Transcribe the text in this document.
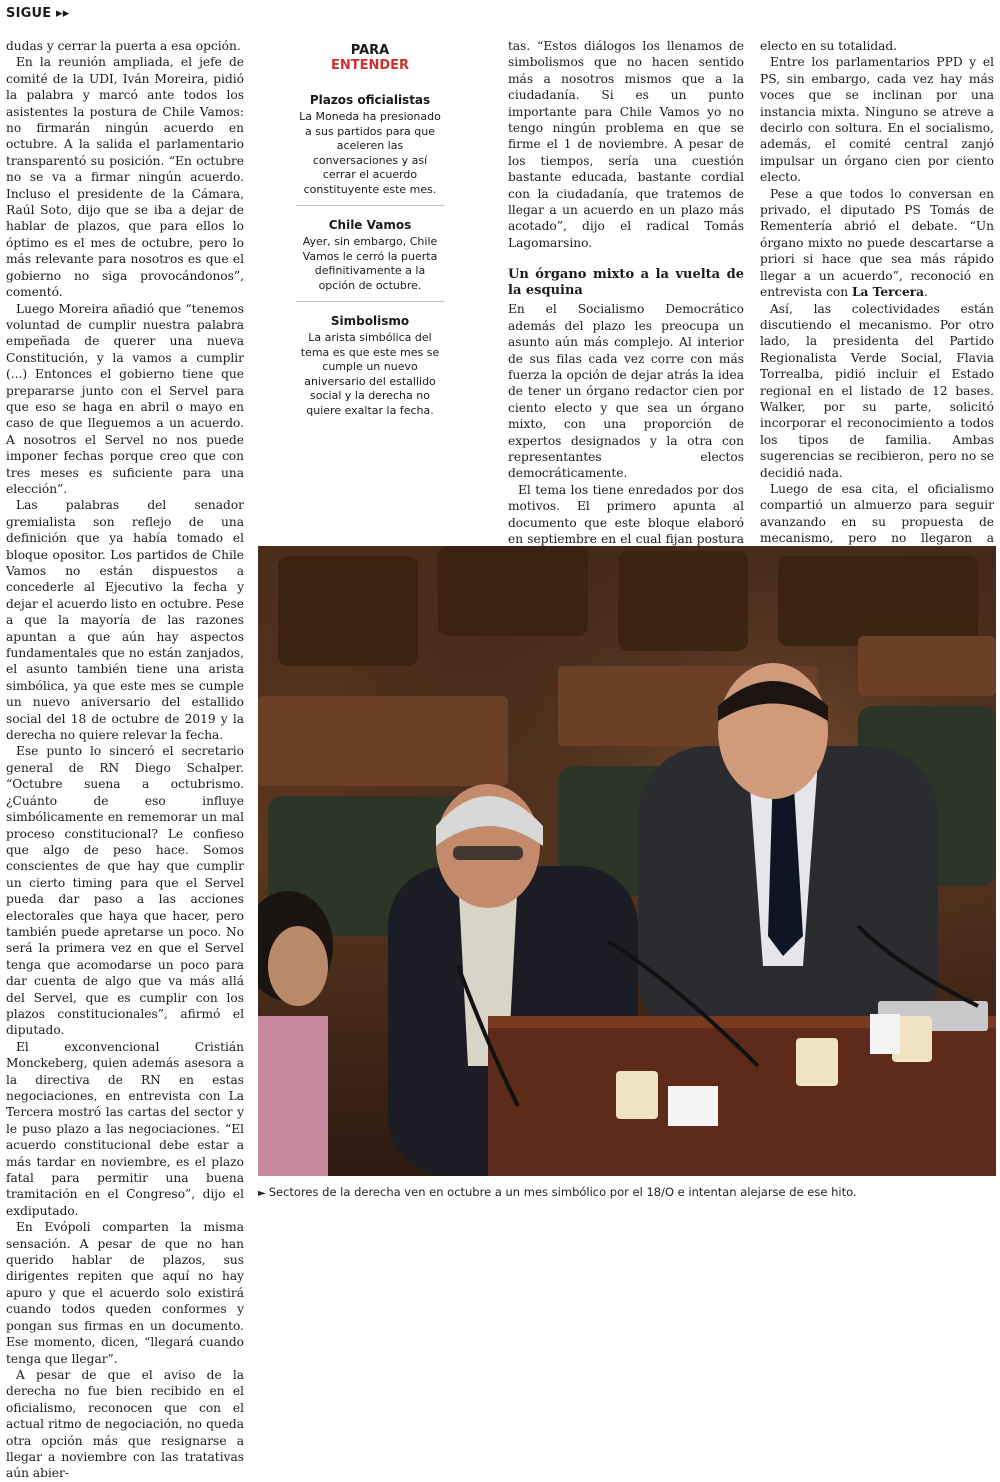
SIGUE ▸▸

dudas y cerrar la puerta a esa opción.

En la reunión ampliada, el jefe de comité de la UDI, Iván Moreira, pidió la palabra y marcó ante todos los asistentes la postura de Chile Vamos: no firmarán ningún acuerdo en octubre. A la salida el parlamentario transparentó su posición. “En octubre no se va a firmar ningún acuerdo. Incluso el presidente de la Cámara, Raúl Soto, dijo que se iba a dejar de hablar de plazos, que para ellos lo óptimo es el mes de octubre, pero lo más relevante para nosotros es que el gobierno no siga provocándonos”, comentó.

Luego Moreira añadió que “tenemos voluntad de cumplir nuestra palabra empeñada de querer una nueva Constitución, y la vamos a cumplir (...) Entonces el gobierno tiene que prepararse junto con el Servel para que eso se haga en abril o mayo en caso de que lleguemos a un acuerdo. A nosotros el Servel no nos puede imponer fechas porque creo que con tres meses es suficiente para una elección”.

Las palabras del senador gremialista son reflejo de una definición que ya había tomado el bloque opositor. Los partidos de Chile Vamos no están dispuestos a concederle al Ejecutivo la fecha y dejar el acuerdo listo en octubre. Pese a que la mayoría de las razones apuntan a que aún hay aspectos fundamentales que no están zanjados, el asunto también tiene una arista simbólica, ya que este mes se cumple un nuevo aniversario del estallido social del 18 de octubre de 2019 y la derecha no quiere relevar la fecha.

Ese punto lo sinceró el secretario general de RN Diego Schalper. “Octubre suena a octubrismo. ¿Cuánto de eso influye simbólicamente en rememorar un mal proceso constitucional? Le confieso que algo de peso hace. Somos conscientes de que hay que cumplir un cierto timing para que el Servel pueda dar paso a las acciones electorales que haya que hacer, pero también puede apretarse un poco. No será la primera vez en que el Servel tenga que acomodarse un poco para dar cuenta de algo que va más allá del Servel, que es cumplir con los plazos constitucionales”, afirmó el diputado.

El exconvencional Cristián Monckeberg, quien además asesora a la directiva de RN en estas negociaciones, en entrevista con La Tercera mostró las cartas del sector y le puso plazo a las negociaciones. “El acuerdo constitucional debe estar a más tardar en noviembre, es el plazo fatal para permitir una buena tramitación en el Congreso”, dijo el exdiputado.

En Evópoli comparten la misma sensación. A pesar de que no han querido hablar de plazos, sus dirigentes repiten que aquí no hay apuro y que el acuerdo solo existirá cuando todos queden conformes y pongan sus firmas en un documento. Ese momento, dicen, “llegará cuando tenga que llegar”.

A pesar de que el aviso de la derecha no fue bien recibido en el oficialismo, reconocen que con el actual ritmo de negociación, no queda otra opción más que resignarse a llegar a noviembre con las tratativas aún abier-

PARA
ENTENDER
Plazos oficialistas
La Moneda ha presionado a sus partidos para que aceleren las conversaciones y así cerrar el acuerdo constituyente este mes.
Chile Vamos
Ayer, sin embargo, Chile Vamos le cerró la puerta definitivamente a la opción de octubre.
Simbolismo
La arista simbólica del tema es que este mes se cumple un nuevo aniversario del estallido social y la derecha no quiere exaltar la fecha.

tas. “Estos diálogos los llenamos de simbolismos que no hacen sentido más a nosotros mismos que a la ciudadanía. Si es un punto importante para Chile Vamos yo no tengo ningún problema en que se firme el 1 de noviembre. A pesar de los tiempos, sería una cuestión bastante educada, bastante cordial con la ciudadanía, que tratemos de llegar a un acuerdo en un plazo más acotado”, dijo el radical Tomás Lagomarsino.

Un órgano mixto a la vuelta de la esquina

En el Socialismo Democrático además del plazo les preocupa un asunto aún más complejo. Al interior de sus filas cada vez corre con más fuerza la opción de dejar atrás la idea de tener un órgano redactor cien por ciento electo y que sea un órgano mixto, con una proporción de expertos designados y la otra con representantes electos democráticamente.

El tema los tiene enredados por dos motivos. El primero apunta al documento que este bloque elaboró en septiembre en el cual fijan postura

electo en su totalidad.

Entre los parlamentarios PPD y el PS, sin embargo, cada vez hay más voces que se inclinan por una instancia mixta. Ninguno se atreve a decirlo con soltura. En el socialismo, además, el comité central zanjó impulsar un órgano cien por ciento electo.

Pese a que todos lo conversan en privado, el diputado PS Tomás de Rementería abrió el debate. “Un órgano mixto no puede descartarse a priori si hace que sea más rápido llegar a un acuerdo”, reconoció en entrevista con La Tercera.

Así, las colectividades están discutiendo el mecanismo. Por otro lado, la presidenta del Partido Regionalista Verde Social, Flavia Torrealba, pidió incluir el Estado regional en el listado de 12 bases. Walker, por su parte, solicitó incorporar el reconocimiento a todos los tipos de familia. Ambas sugerencias se recibieron, pero no se decidió nada.

Luego de esa cita, el oficialismo compartió un almuerzo para seguir avanzando en su propuesta de mecanismo, pero no llegaron a

► Sectores de la derecha ven en octubre a un mes simbólico por el 18/O e intentan alejarse de ese hito.
